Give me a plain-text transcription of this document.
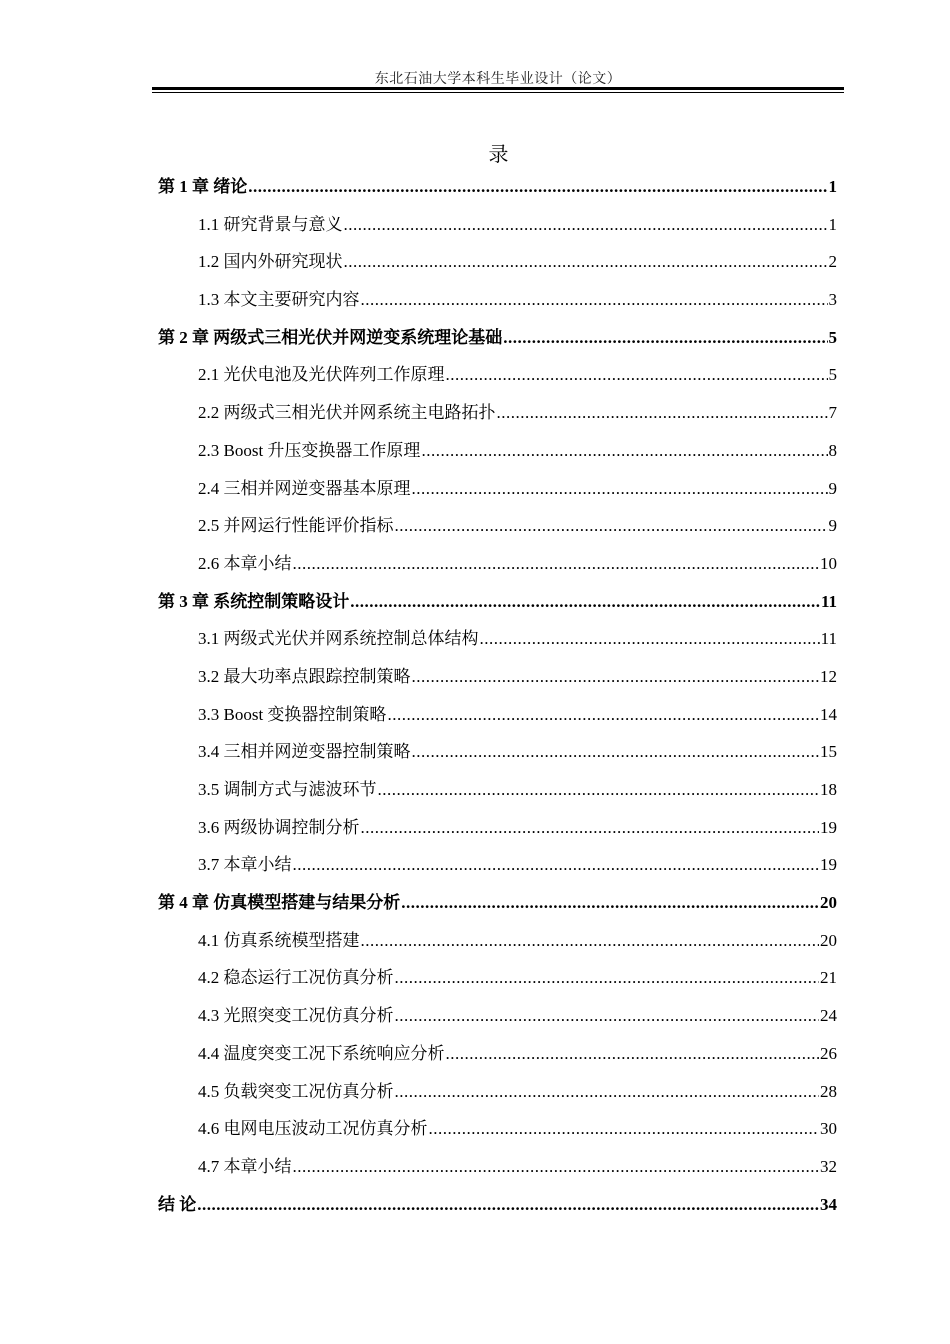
东北石油大学本科生毕业设计（论文）
录
第 1 章 绪论 .....	1
1.1 研究背景与意义 .....	1
1.2 国内外研究现状 .....	2
1.3 本文主要研究内容 .....	3
第 2 章 两级式三相光伏并网逆变系统理论基础 .....	5
2.1 光伏电池及光伏阵列工作原理 .....	5
2.2 两级式三相光伏并网系统主电路拓扑 .....	7
2.3 Boost 升压变换器工作原理 .....	8
2.4 三相并网逆变器基本原理 .....	9
2.5 并网运行性能评价指标 .....	9
2.6 本章小结 .....	10
第 3 章 系统控制策略设计 .....	11
3.1 两级式光伏并网系统控制总体结构 .....	11
3.2 最大功率点跟踪控制策略 .....	12
3.3 Boost 变换器控制策略 .....	14
3.4 三相并网逆变器控制策略 .....	15
3.5 调制方式与滤波环节 .....	18
3.6 两级协调控制分析 .....	19
3.7 本章小结 .....	19
第 4 章 仿真模型搭建与结果分析 .....	20
4.1 仿真系统模型搭建 .....	20
4.2 稳态运行工况仿真分析 .....	21
4.3 光照突变工况仿真分析 .....	24
4.4 温度突变工况下系统响应分析 .....	26
4.5 负载突变工况仿真分析 .....	28
4.6 电网电压波动工况仿真分析 .....	30
4.7 本章小结 .....	32
结 论 .....	34
